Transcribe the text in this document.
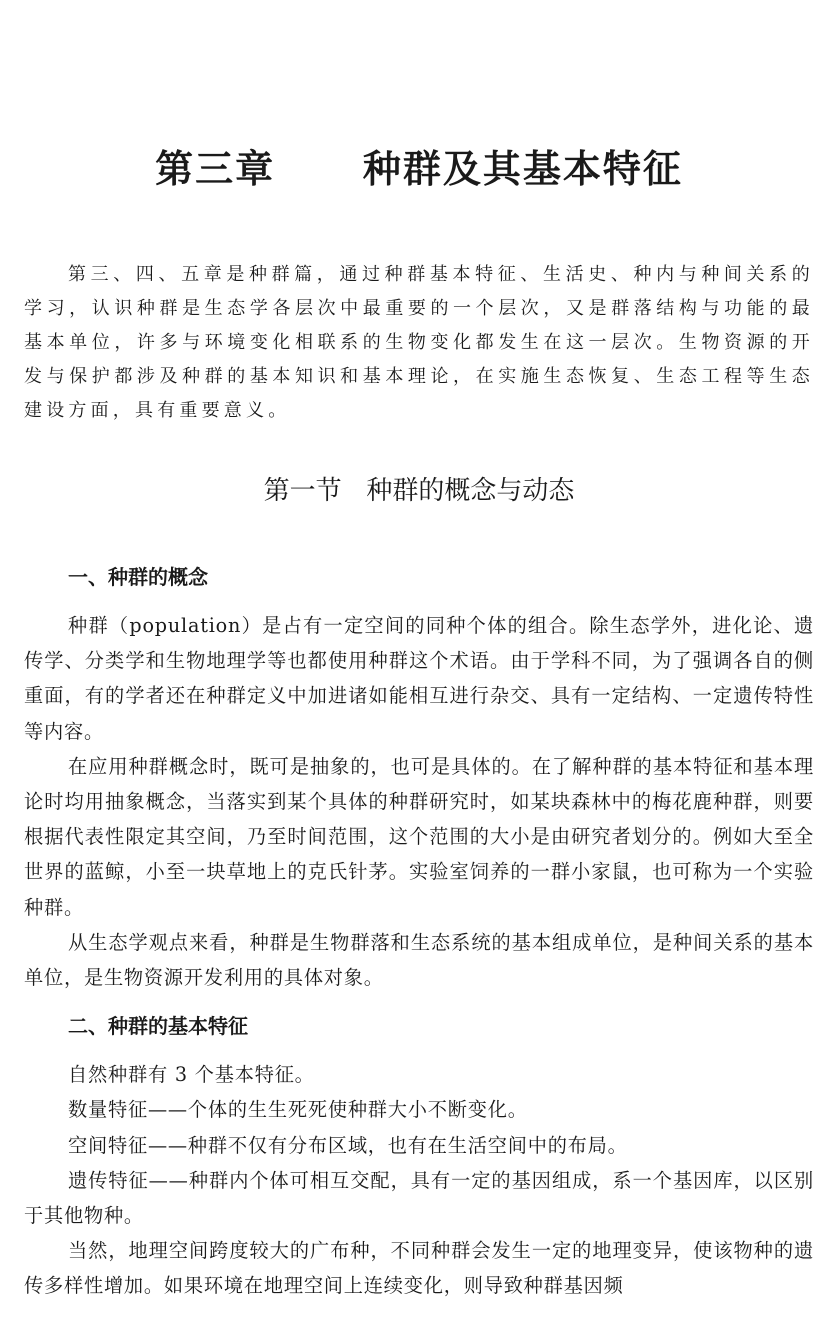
第三章   种群及其基本特征

第三、四、五章是种群篇，通过种群基本特征、生活史、种内与种间关系的学习，认识种群是生态学各层次中最重要的一个层次，又是群落结构与功能的最基本单位，许多与环境变化相联系的生物变化都发生在这一层次。生物资源的开发与保护都涉及种群的基本知识和基本理论，在实施生态恢复、生态工程等生态建设方面，具有重要意义。

第一节   种群的概念与动态
一、种群的概念

种群（population）是占有一定空间的同种个体的组合。除生态学外，进化论、遗传学、分类学和生物地理学等也都使用种群这个术语。由于学科不同，为了强调各自的侧重面，有的学者还在种群定义中加进诸如能相互进行杂交、具有一定结构、一定遗传特性等内容。

在应用种群概念时，既可是抽象的，也可是具体的。在了解种群的基本特征和基本理论时均用抽象概念，当落实到某个具体的种群研究时，如某块森林中的梅花鹿种群，则要根据代表性限定其空间，乃至时间范围，这个范围的大小是由研究者划分的。例如大至全世界的蓝鲸，小至一块草地上的克氏针茅。实验室饲养的一群小家鼠，也可称为一个实验种群。

从生态学观点来看，种群是生物群落和生态系统的基本组成单位，是种间关系的基本单位，是生物资源开发利用的具体对象。

二、种群的基本特征

自然种群有 3 个基本特征。

数量特征——个体的生生死死使种群大小不断变化。

空间特征——种群不仅有分布区域，也有在生活空间中的布局。

遗传特征——种群内个体可相互交配，具有一定的基因组成，系一个基因库，以区别于其他物种。

当然，地理空间跨度较大的广布种，不同种群会发生一定的地理变异，使该物种的遗传多样性增加。如果环境在地理空间上连续变化，则导致种群基因频
